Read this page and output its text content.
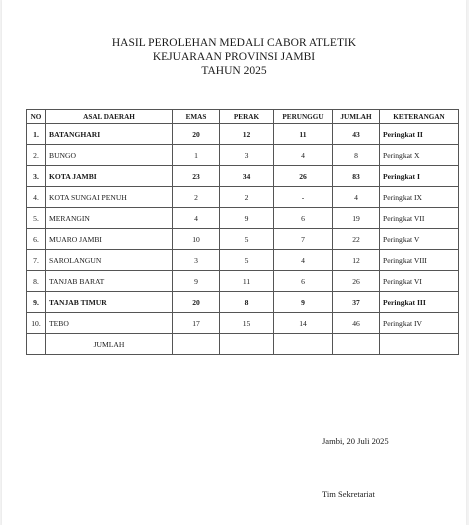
HASIL PEROLEHAN MEDALI CABOR ATLETIK
KEJUARAAN PROVINSI JAMBI
TAHUN 2025
NO	ASAL DAERAH	EMAS	PERAK	PERUNGGU	JUMLAH	KETERANGAN
1.	BATANGHARI	20	12	11	43	Peringkat II
2.	BUNGO	1	3	4	8	Peringkat X
3.	KOTA JAMBI	23	34	26	83	Peringkat I
4.	KOTA SUNGAI PENUH	2	2	-	4	Peringkat IX
5.	MERANGIN	4	9	6	19	Peringkat VII
6.	MUARO JAMBI	10	5	7	22	Peringkat V
7.	SAROLANGUN	3	5	4	12	Peringkat VIII
8.	TANJAB BARAT	9	11	6	26	Peringkat VI
9.	TANJAB TIMUR	20	8	9	37	Peringkat III
10.	TEBO	17	15	14	46	Peringkat IV
	JUMLAH					
Jambi, 20 Juli 2025
Tim Sekretariat
